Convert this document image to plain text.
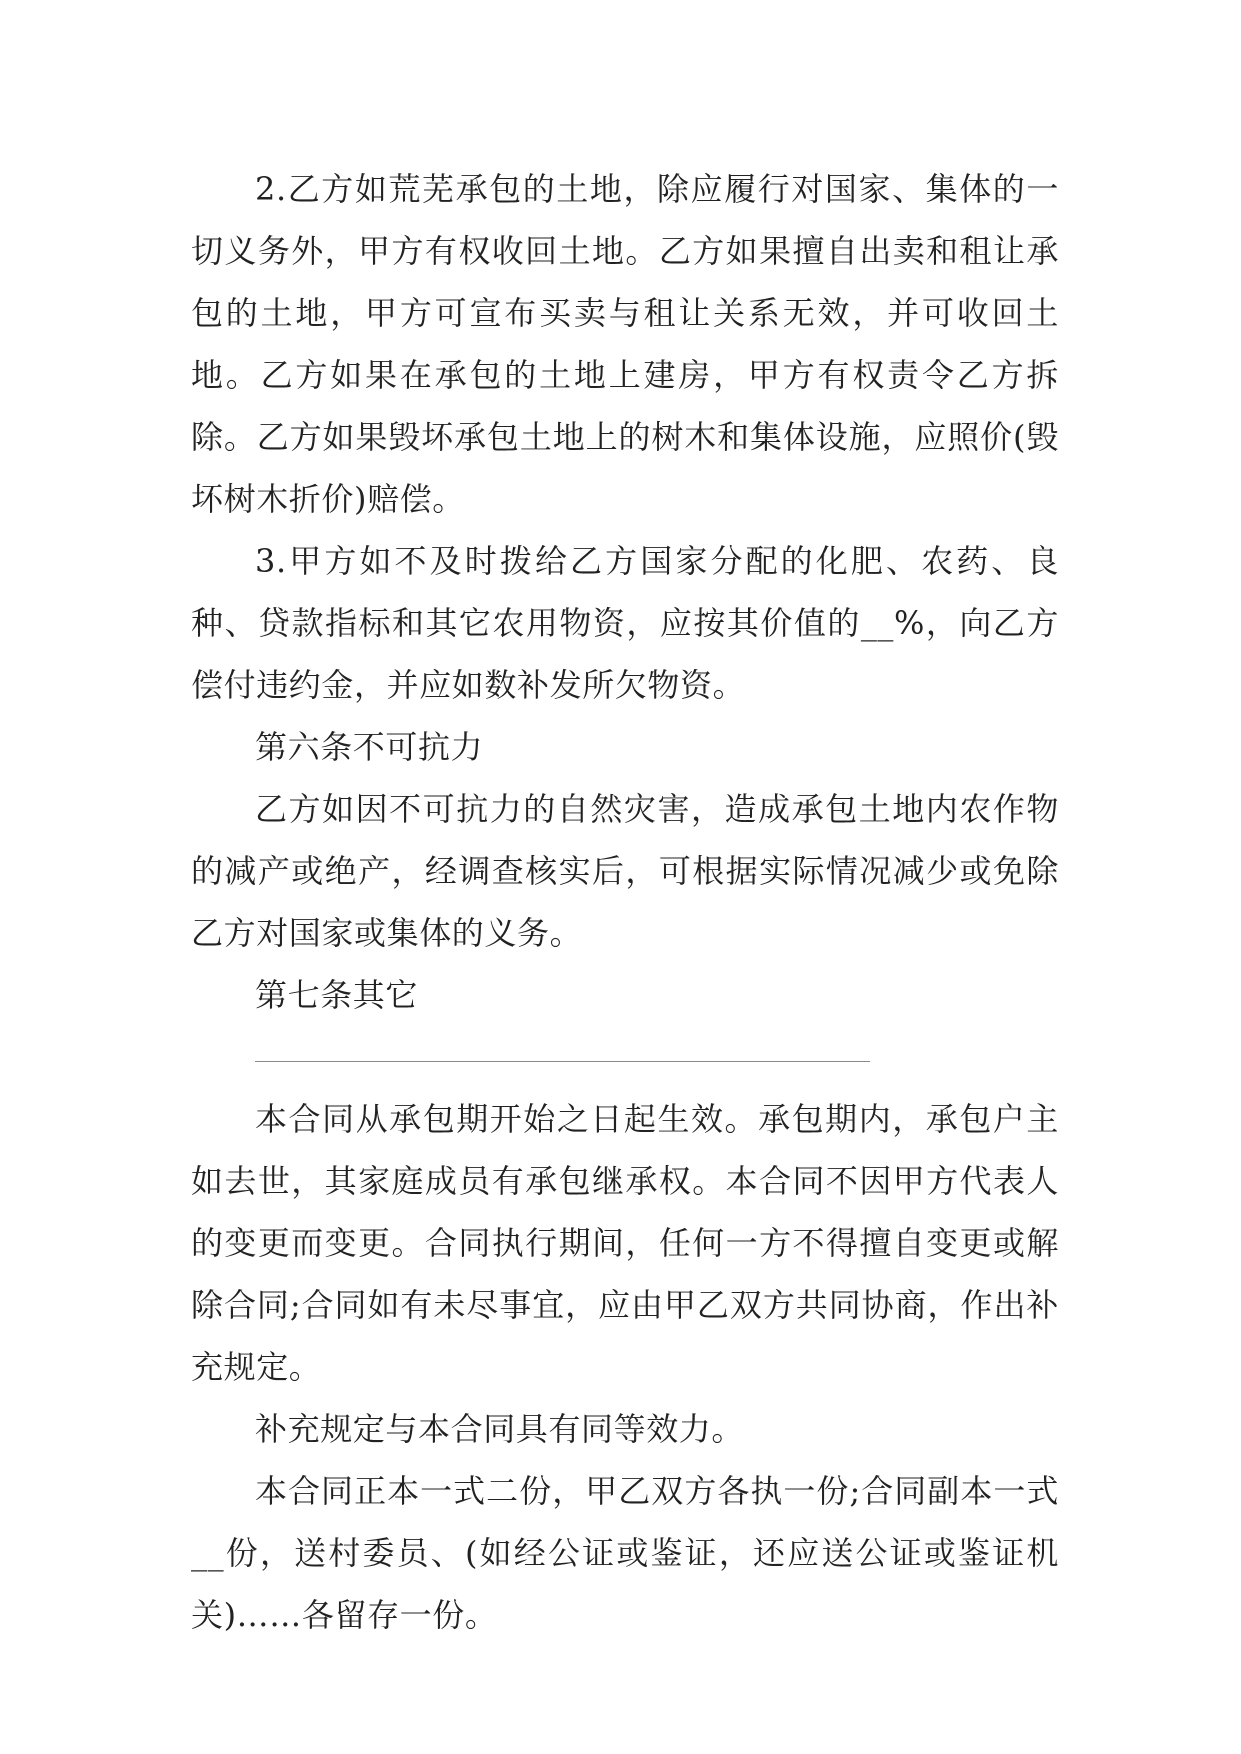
2.乙方如荒芜承包的土地，除应履行对国家、集体的一切义务外，甲方有权收回土地。乙方如果擅自出卖和租让承包的土地，甲方可宣布买卖与租让关系无效，并可收回土地。乙方如果在承包的土地上建房，甲方有权责令乙方拆除。乙方如果毁坏承包土地上的树木和集体设施，应照价(毁坏树木折价)赔偿。

3.甲方如不及时拨给乙方国家分配的化肥、农药、良种、贷款指标和其它农用物资，应按其价值的__%，向乙方偿付违约金，并应如数补发所欠物资。

第六条不可抗力

乙方如因不可抗力的自然灾害，造成承包土地内农作物的减产或绝产，经调查核实后，可根据实际情况减少或免除乙方对国家或集体的义务。

第七条其它

本合同从承包期开始之日起生效。承包期内，承包户主如去世，其家庭成员有承包继承权。本合同不因甲方代表人的变更而变更。合同执行期间，任何一方不得擅自变更或解除合同;合同如有未尽事宜，应由甲乙双方共同协商，作出补充规定。

补充规定与本合同具有同等效力。

本合同正本一式二份，甲乙双方各执一份;合同副本一式__份，送村委员、(如经公证或鉴证，还应送公证或鉴证机关)……各留存一份。
